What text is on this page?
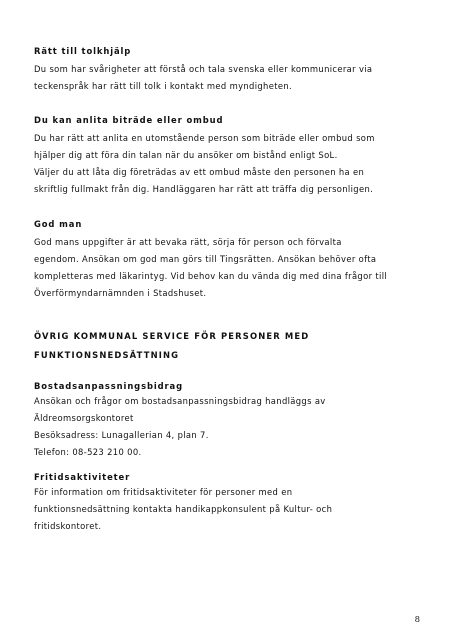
Rätt till tolkhjälp
Du som har svårigheter att förstå och tala svenska eller kommunicerar via
teckenspråk har rätt till tolk i kontakt med myndigheten.
Du kan anlita biträde eller ombud
Du har rätt att anlita en utomstående person som biträde eller ombud som
hjälper dig att föra din talan när du ansöker om bistånd enligt SoL.
Väljer du att låta dig företrädas av ett ombud måste den personen ha en
skriftlig fullmakt från dig. Handläggaren har rätt att träffa dig personligen.
God man
God mans uppgifter är att bevaka rätt, sörja för person och förvalta
egendom. Ansökan om god man görs till Tingsrätten. Ansökan behöver ofta
kompletteras med läkarintyg. Vid behov kan du vända dig med dina frågor till
Överförmyndarnämnden i Stadshuset.
ÖVRIG KOMMUNAL SERVICE FÖR PERSONER MED
FUNKTIONSNEDSÄTTNING
Bostadsanpassningsbidrag
Ansökan och frågor om bostadsanpassningsbidrag handläggs av
Äldreomsorgskontoret
Besöksadress: Lunagallerian 4, plan 7.
Telefon: 08-523 210 00.
Fritidsaktiviteter
För information om fritidsaktiviteter för personer med en
funktionsnedsättning kontakta handikappkonsulent på Kultur- och
fritidskontoret.
8
